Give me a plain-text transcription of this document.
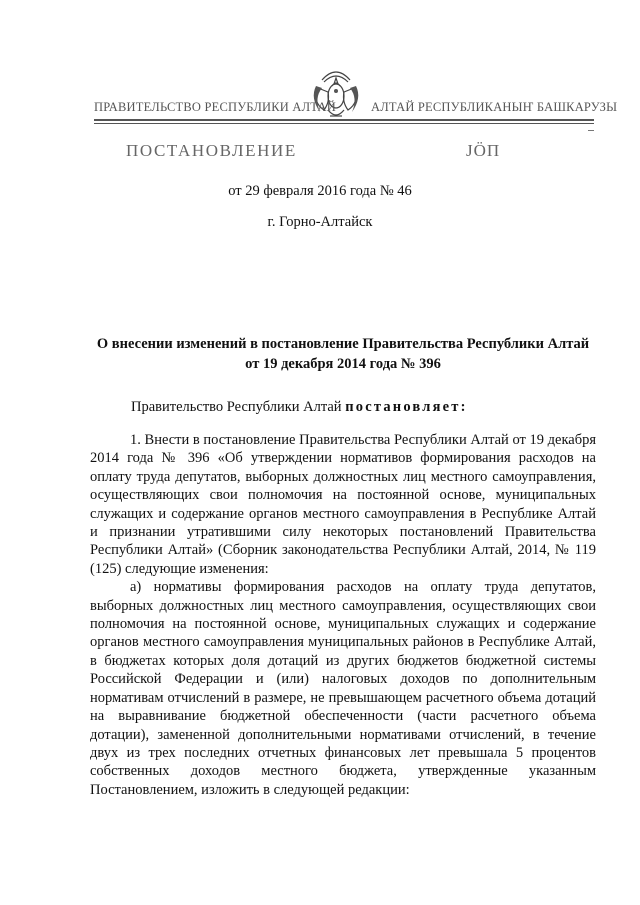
ПРАВИТЕЛЬСТВО РЕСПУБЛИКИ АЛТАЙ	АЛТАЙ РЕСПУБЛИКАНЫҤ БАШКАРУЗЫ
ПОСТАНОВЛЕНИЕ	JÖП
от 29 февраля 2016 года № 46
г. Горно-Алтайск
О внесении изменений в постановление Правительства Республики Алтай от 19 декабря 2014 года № 396
Правительство Республики Алтай постановляет:

1. Внести в постановление Правительства Республики Алтай от 19 декабря 2014 года № 396 «Об утверждении нормативов формирования расходов на оплату труда депутатов, выборных должностных лиц местного самоуправления, осуществляющих свои полномочия на постоянной основе, муниципальных служащих и содержание органов местного самоуправления в Республике Алтай и признании утратившими силу некоторых постановлений Правительства Республики Алтай» (Сборник законодательства Республики Алтай, 2014, № 119 (125) следующие изменения:

а) нормативы формирования расходов на оплату труда депутатов, выборных должностных лиц местного самоуправления, осуществляющих свои полномочия на постоянной основе, муниципальных служащих и содержание органов местного самоуправления муниципальных районов в Республике Алтай, в бюджетах которых доля дотаций из других бюджетов бюджетной системы Российской Федерации и (или) налоговых доходов по дополнительным нормативам отчислений в размере, не превышающем расчетного объема дотаций на выравнивание бюджетной обеспеченности (части расчетного объема дотации), замененной дополнительными нормативами отчислений, в течение двух из трех последних отчетных финансовых лет превышала 5 процентов собственных доходов местного бюджета, утвержденные указанным Постановлением, изложить в следующей редакции:
